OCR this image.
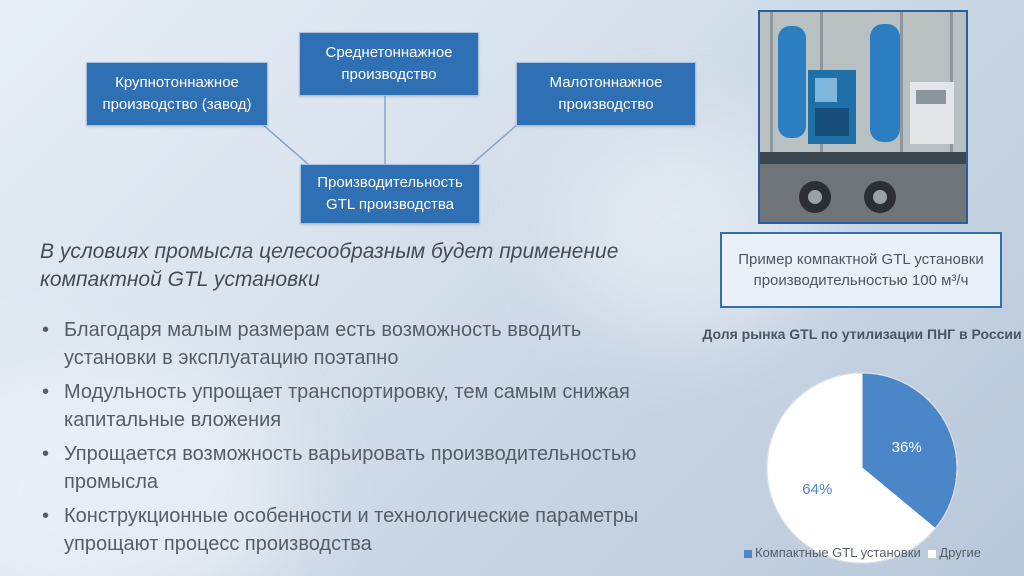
Среднетоннажное производство
Крупнотоннажное производство (завод)
Малотоннажное производство
Производительность GTL производства
Пример компактной GTL установки производительностью 100 м³/ч
В условиях промысла целесообразным будет применение компактной GTL установки
• Благодаря малым размерам есть возможность вводить установки в эксплуатацию поэтапно
• Модульность упрощает транспортировку, тем самым снижая капитальные вложения
• Упрощается возможность варьировать производительностью промысла
• Конструкционные особенности и технологические параметры упрощают процесс производства
Доля рынка GTL по утилизации ПНГ в России
36%
64%
Компактные GTL установки Другие
